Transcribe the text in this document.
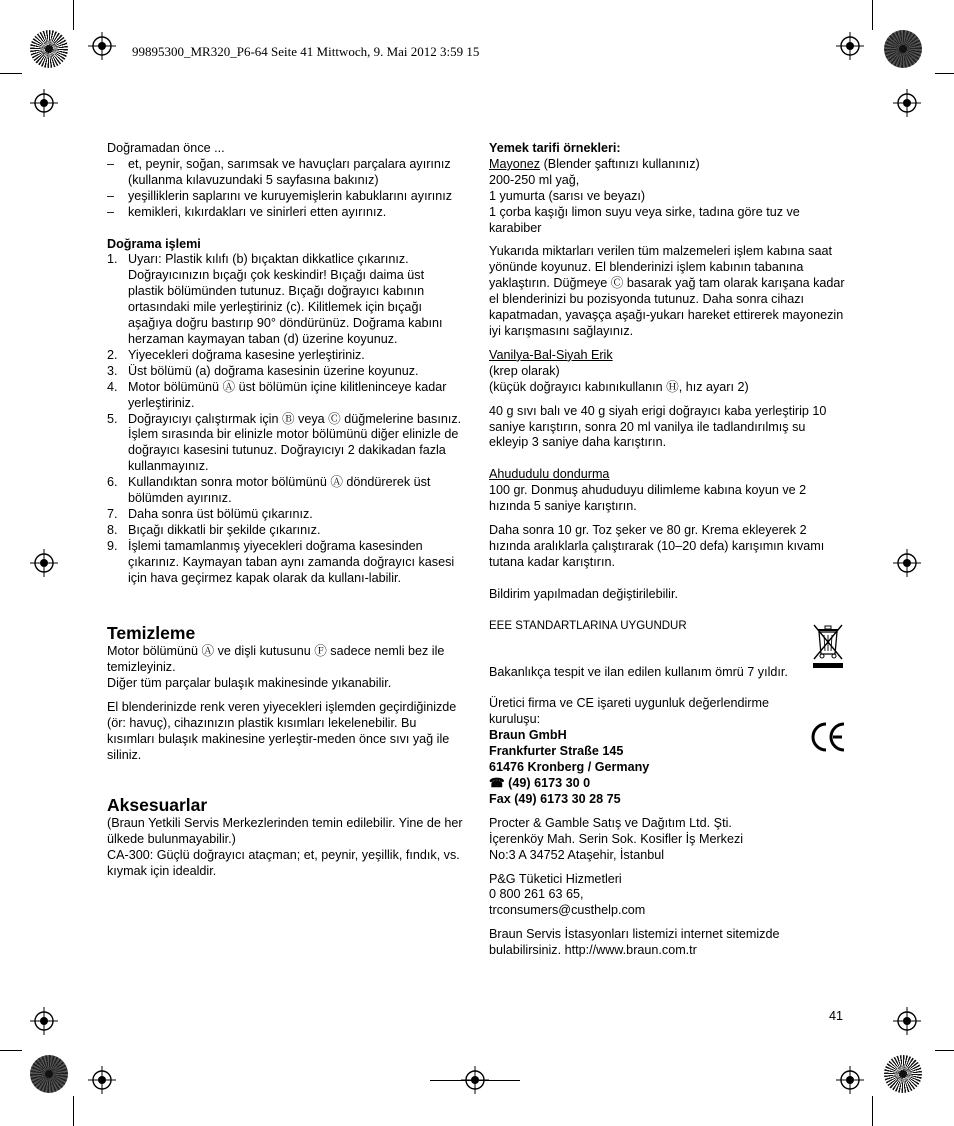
99895300_MR320_P6-64 Seite 41 Mittwoch, 9. Mai 2012 3:59 15

Doğramadan önce ...

– et, peynir, soğan, sarımsak ve havuçları parçalara ayırınız (kullanma kılavuzundaki 5 sayfasına bakınız)
– yeşilliklerin saplarını ve kuruyemişlerin kabuklarını ayırınız
– kemikleri, kıkırdakları ve sinirleri etten ayırınız.

Doğrama işlemi

1. Uyarı: Plastik kılıfı (b) bıçaktan dikkatlice çıkarınız. Doğrayıcınızın bıçağı çok keskindir! Bıçağı daima üst plastik bölümünden tutunuz. Bıçağı doğrayıcı kabının ortasındaki mile yerleştiriniz (c). Kilitlemek için bıçağı aşağıya doğru bastırıp 90° döndürünüz. Doğrama kabını herzaman kaymayan taban (d) üzerine koyunuz.
2. Yiyecekleri doğrama kasesine yerleştiriniz.
3. Üst bölümü (a) doğrama kasesinin üzerine koyunuz.
4. Motor bölümünü Ⓐ üst bölümün içine kilitleninceye kadar yerleştiriniz.
5. Doğrayıcıyı çalıştırmak için Ⓑ veya Ⓒ düğmelerine basınız. İşlem sırasında bir elinizle motor bölümünü diğer elinizle de doğrayıcı kasesini tutunuz. Doğrayıcıyı 2 dakikadan fazla kullanmayınız.
6. Kullandıktan sonra motor bölümünü Ⓐ döndürerek üst bölümden ayırınız.
7. Daha sonra üst bölümü çıkarınız.
8. Bıçağı dikkatli bir şekilde çıkarınız.
9. İşlemi tamamlanmış yiyecekleri doğrama kasesinden çıkarınız. Kaymayan taban aynı zamanda doğrayıcı kasesi için hava geçirmez kapak olarak da kullanı-labilir.

Temizleme

Motor bölümünü Ⓐ ve dişli kutusunu Ⓕ sadece nemli bez ile temizleyiniz.

Diğer tüm parçalar bulaşık makinesinde yıkanabilir.

El blenderinizde renk veren yiyecekleri işlemden geçirdiğinizde (ör: havuç), cihazınızın plastik kısımları lekelenebilir. Bu kısımları bulaşık makinesine yerleştir-meden önce sıvı yağ ile siliniz.

Aksesuarlar

(Braun Yetkili Servis Merkezlerinden temin edilebilir. Yine de her ülkede bulunmayabilir.)

CA-300: Güçlü doğrayıcı ataçman; et, peynir, yeşillik, fındık, vs. kıymak için idealdir.

Yemek tarifi örnekleri:

Mayonez (Blender şaftınızı kullanınız)

200-250 ml yağ,

1 yumurta (sarısı ve beyazı)

1 çorba kaşığı limon suyu veya sirke, tadına göre tuz ve karabiber

Yukarıda miktarları verilen tüm malzemeleri işlem kabına saat yönünde koyunuz. El blenderinizi işlem kabının tabanına yaklaştırın. Düğmeye Ⓒ basarak yağ tam olarak karışana kadar el blenderinizi bu pozisyonda tutunuz. Daha sonra cihazı kapatmadan, yavaşça aşağı-yukarı hareket ettirerek mayonezin iyi karışmasını sağlayınız.

Vanilya-Bal-Siyah Erik

(krep olarak)

(küçük doğrayıcı kabınıkullanın Ⓗ, hız ayarı 2)

40 g sıvı balı ve 40 g siyah erigi doğrayıcı kaba yerleştirip 10 saniye karıştırın, sonra 20 ml vanilya ile tadlandırılmış su ekleyip 3 saniye daha karıştırın.

Ahududulu dondurma

100 gr. Donmuş ahududuyu dilimleme kabına koyun ve 2 hızında 5 saniye karıştırın.

Daha sonra 10 gr. Toz şeker ve 80 gr. Krema ekleyerek 2 hızında aralıklarla çalıştırarak (10–20 defa) karışımın kıvamı tutana kadar karıştırın.

Bildirim yapılmadan değiştirilebilir.

EEE STANDARTLARINA UYGUNDUR

Bakanlıkça tespit ve ilan edilen kullanım ömrü 7 yıldır.

Üretici firma ve CE işareti uygunluk değerlendirme kuruluşu:

Braun GmbH

Frankfurter Straße 145

61476 Kronberg / Germany

☎ (49) 6173 30 0

Fax (49) 6173 30 28 75

Procter & Gamble Satış ve Dağıtım Ltd. Şti.

İçerenköy Mah. Serin Sok. Kosifler İş Merkezi

No:3 A 34752 Ataşehir, İstanbul

P&G Tüketici Hizmetleri

0 800 261 63 65,

trconsumers@custhelp.com

Braun Servis İstasyonları listemizi internet sitemizde bulabilirsiniz. http://www.braun.com.tr

41
